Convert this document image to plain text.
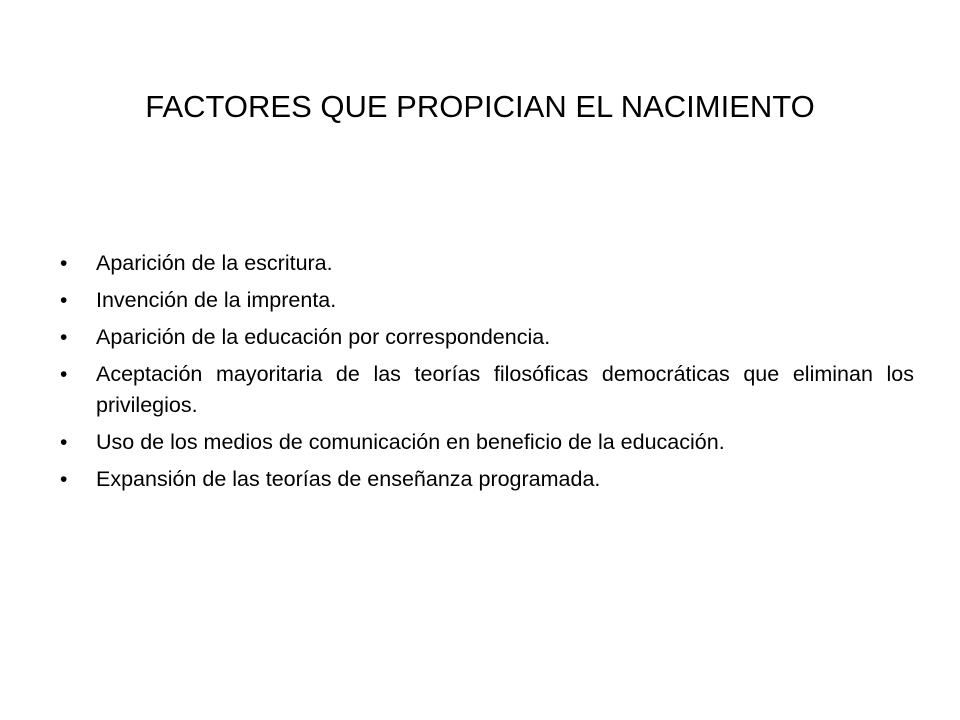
FACTORES QUE PROPICIAN EL NACIMIENTO
• Aparición de la escritura.
• Invención de la imprenta.
• Aparición de la educación por correspondencia.
• Aceptación mayoritaria de las teorías filosóficas democráticas que eliminan los privilegios.
• Uso de los medios de comunicación en beneficio de la educación.
• Expansión de las teorías de enseñanza programada.
